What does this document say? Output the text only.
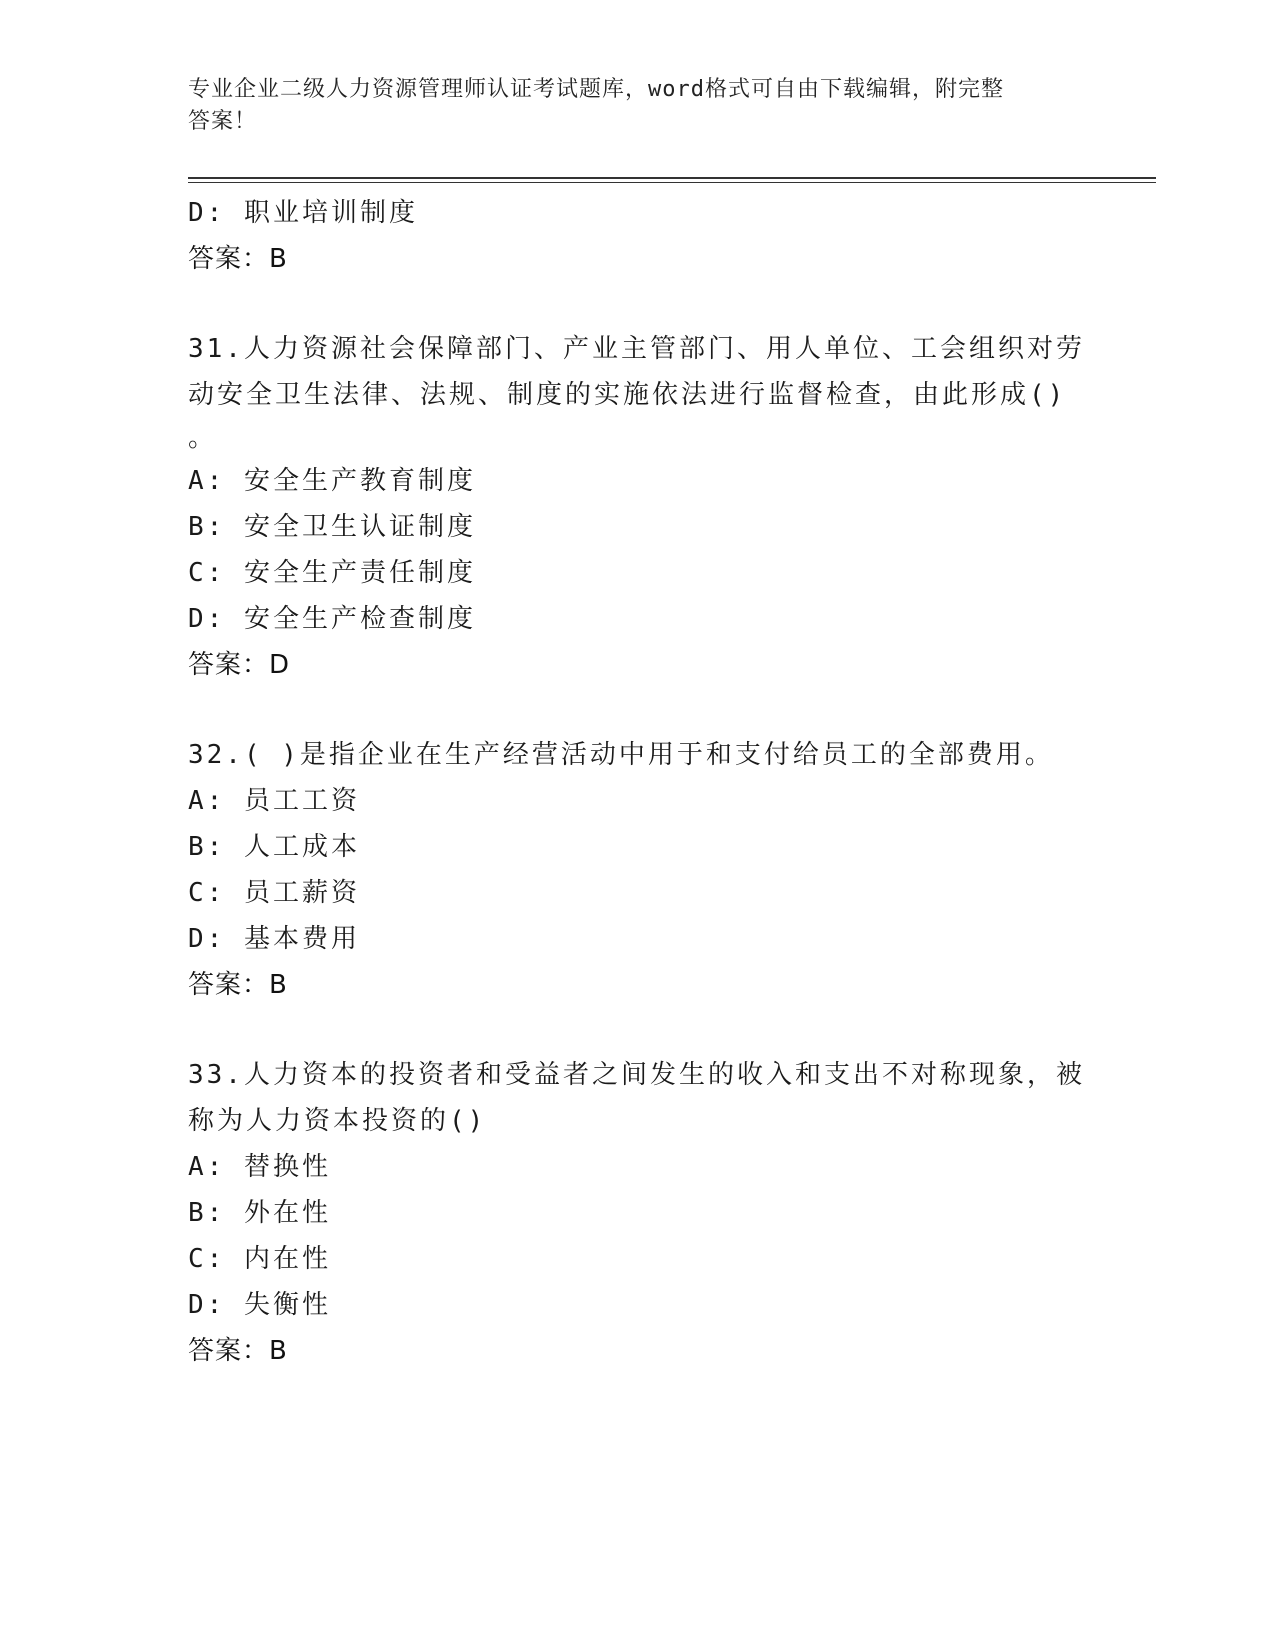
专业企业二级人力资源管理师认证考试题库，word格式可自由下载编辑，附完整
答案！
D: 职业培训制度
答案：B
31.人力资源社会保障部门、产业主管部门、用人单位、工会组织对劳
动安全卫生法律、法规、制度的实施依法进行监督检查，由此形成()
。
A: 安全生产教育制度
B: 安全卫生认证制度
C: 安全生产责任制度
D: 安全生产检查制度
答案：D
32.( )是指企业在生产经营活动中用于和支付给员工的全部费用。
A: 员工工资
B: 人工成本
C: 员工薪资
D: 基本费用
答案：B
33.人力资本的投资者和受益者之间发生的收入和支出不对称现象，被
称为人力资本投资的()
A: 替换性
B: 外在性
C: 内在性
D: 失衡性
答案：B
